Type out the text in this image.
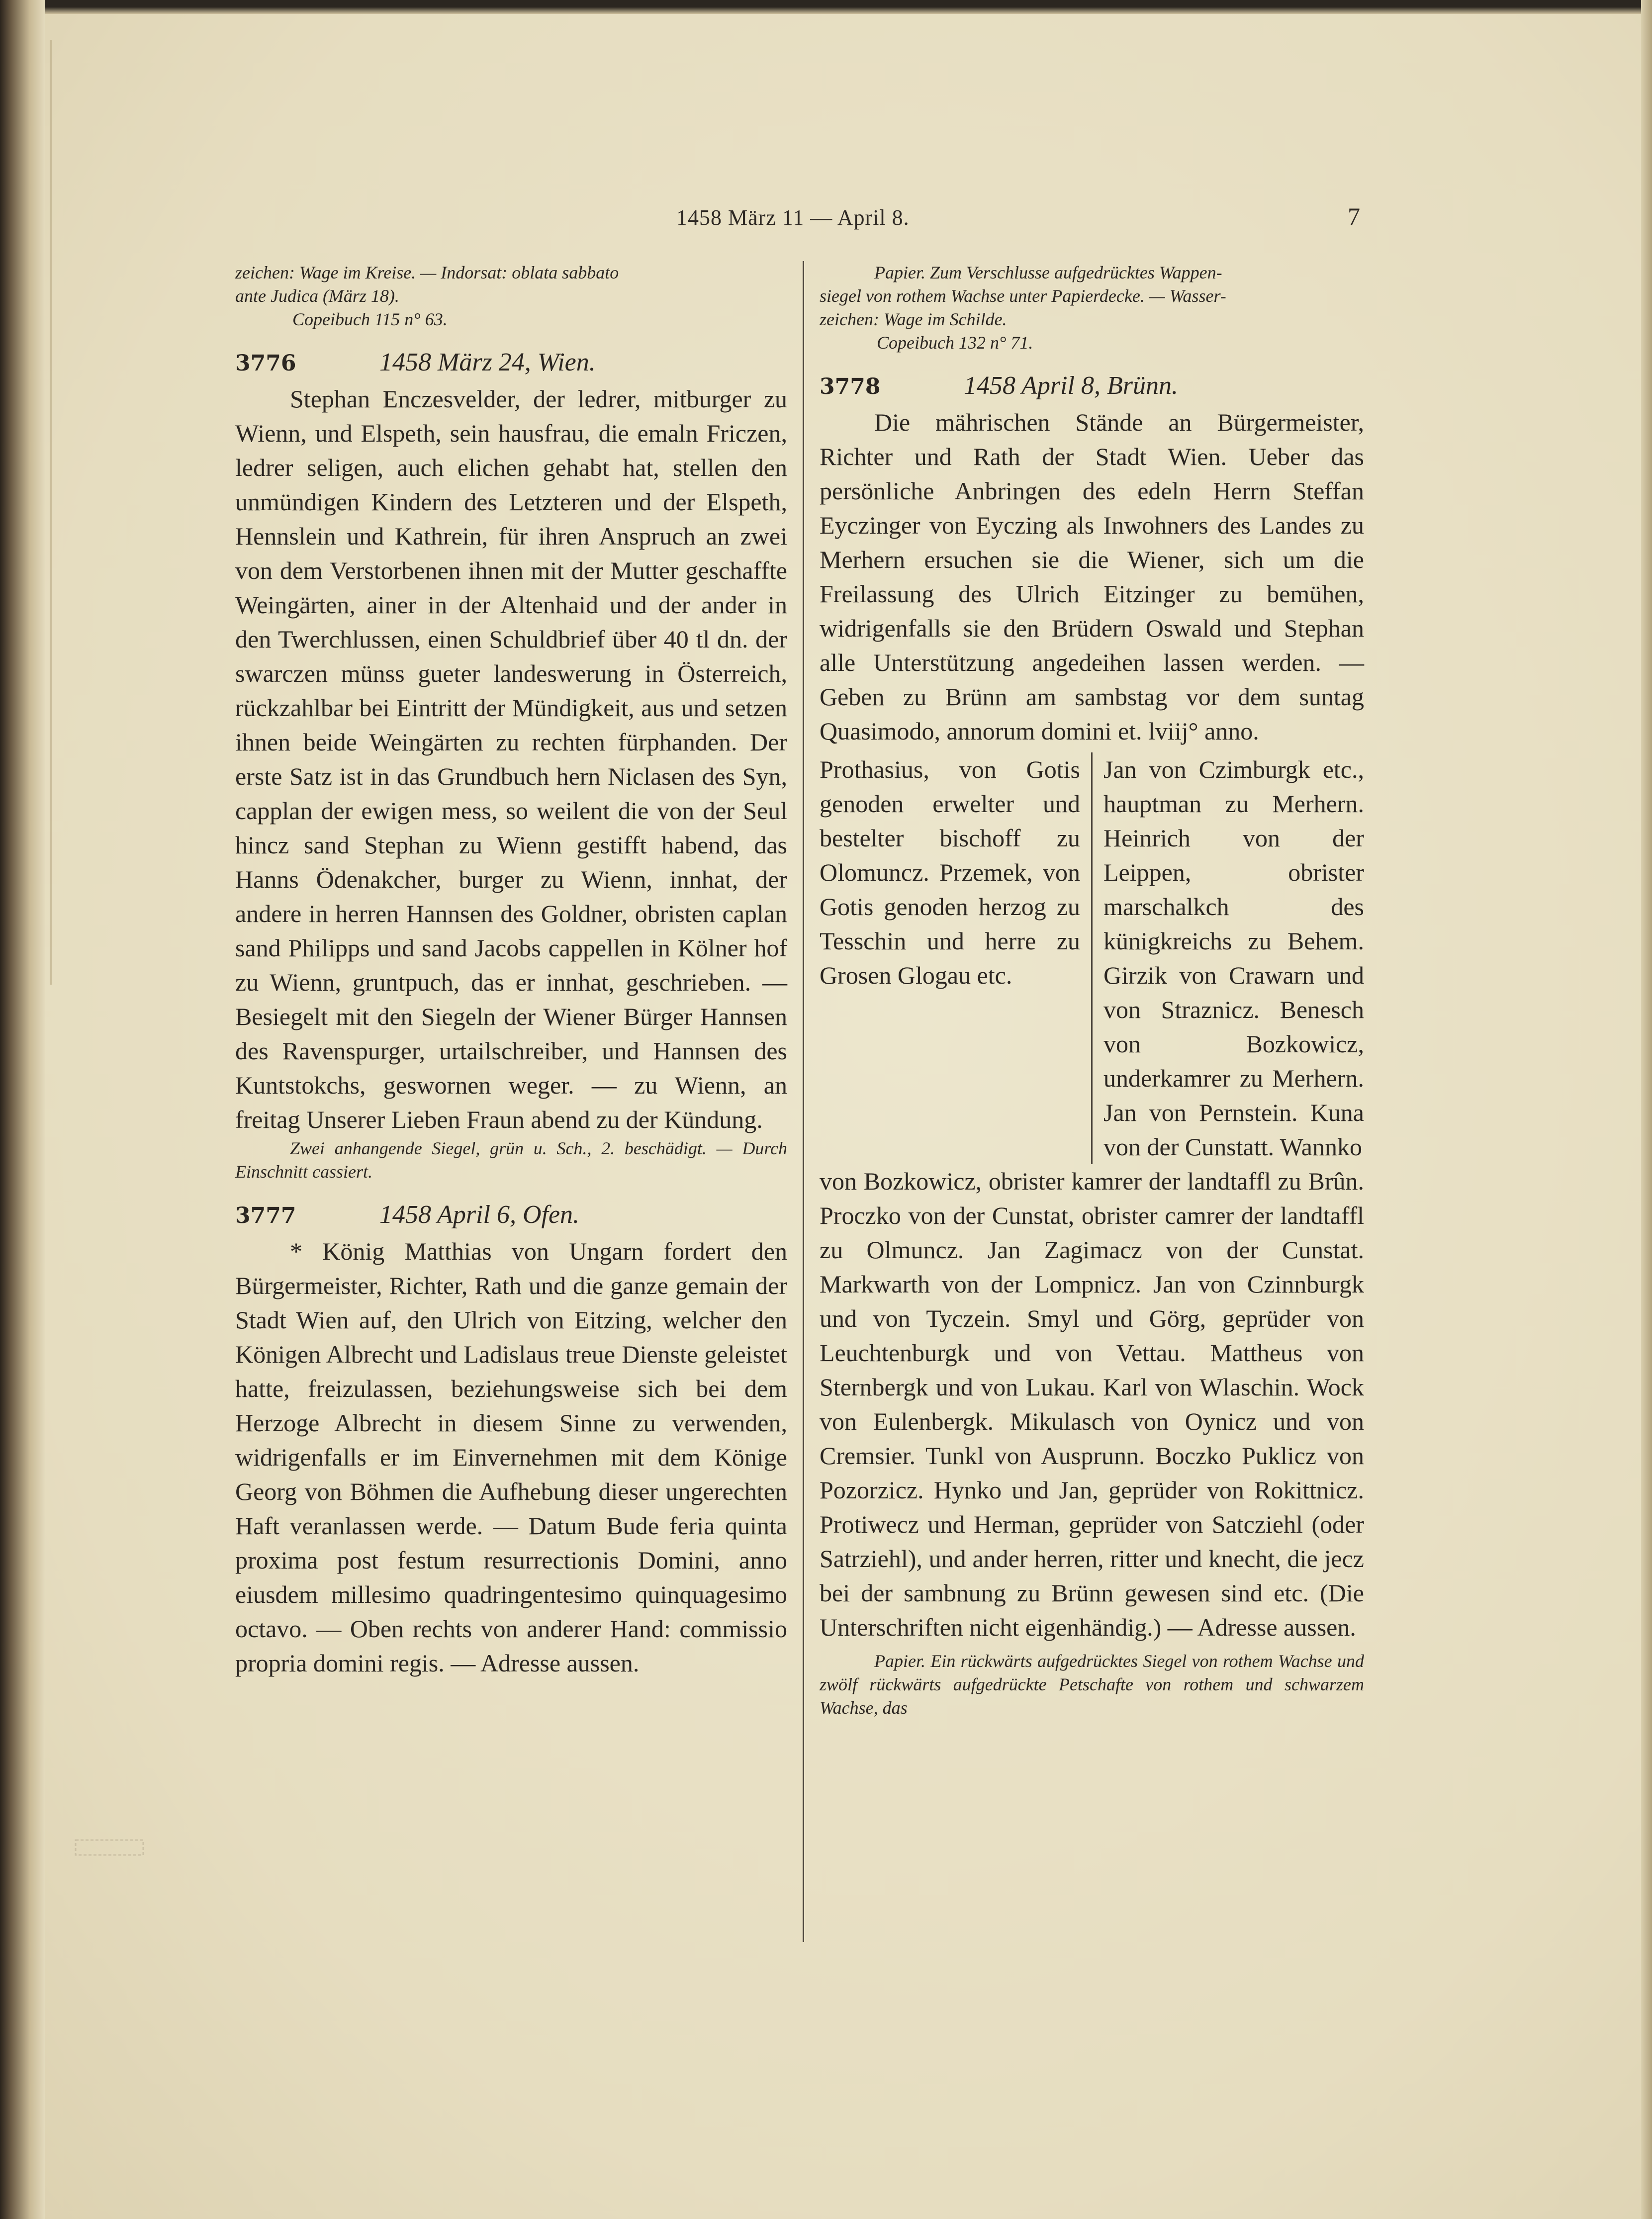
1458 März 11 — April 8.	7

zeichen: Wage im Kreise. — Indorsat: oblata sabbato

ante Judica (März 18).

Copeibuch 115 n° 63.

3776	1458 März 24, Wien.

Stephan Enczesvelder, der ledrer, mitburger zu Wienn, und Elspeth, sein hausfrau, die emaln Friczen, ledrer seligen, auch elichen gehabt hat, stellen den unmündigen Kindern des Letzteren und der Elspeth, Hennslein und Kathrein, für ihren Anspruch an zwei von dem Verstorbenen ihnen mit der Mutter geschaffte Weingärten, ainer in der Altenhaid und der ander in den Twerchlussen, einen Schuldbrief über 40 tl dn. der swarczen münss gueter landeswerung in Österreich, rückzahlbar bei Eintritt der Mündigkeit, aus und setzen ihnen beide Weingärten zu rechten fürphanden. Der erste Satz ist in das Grundbuch hern Niclasen des Syn, capplan der ewigen mess, so weilent die von der Seul hincz sand Stephan zu Wienn gestifft habend, das Hanns Ödenakcher, burger zu Wienn, innhat, der andere in herren Hannsen des Goldner, obristen caplan sand Philipps und sand Jacobs cappellen in Kölner hof zu Wienn, gruntpuch, das er innhat, geschrieben. — Besiegelt mit den Siegeln der Wiener Bürger Hannsen des Ravenspurger, urtailschreiber, und Hannsen des Kuntstokchs, geswornen weger. — zu Wienn, an freitag Unserer Lieben Fraun abend zu der Kündung.

Zwei anhangende Siegel, grün u. Sch., 2. beschädigt. — Durch Einschnitt cassiert.

3777	1458 April 6, Ofen.

* König Matthias von Ungarn fordert den Bürgermeister, Richter, Rath und die ganze gemain der Stadt Wien auf, den Ulrich von Eitzing, welcher den Königen Albrecht und Ladislaus treue Dienste geleistet hatte, freizulassen, beziehungsweise sich bei dem Herzoge Albrecht in diesem Sinne zu verwenden, widrigenfalls er im Einvernehmen mit dem Könige Georg von Böhmen die Aufhebung dieser ungerechten Haft veranlassen werde. — Datum Bude feria quinta proxima post festum resurrectionis Domini, anno eiusdem millesimo quadringentesimo quinquagesimo octavo. — Oben rechts von anderer Hand: commissio propria domini regis. — Adresse aussen.

Papier. Zum Verschlusse aufgedrücktes Wappen-

siegel von rothem Wachse unter Papierdecke. — Wasser-

zeichen: Wage im Schilde.

Copeibuch 132 n° 71.

3778	1458 April 8, Brünn.

Die mährischen Stände an Bürgermeister, Richter und Rath der Stadt Wien. Ueber das persönliche Anbringen des edeln Herrn Steffan Eyczinger von Eyczing als Inwohners des Landes zu Merhern ersuchen sie die Wiener, sich um die Freilassung des Ulrich Eitzinger zu bemühen, widrigenfalls sie den Brüdern Oswald und Stephan alle Unterstützung angedeihen lassen werden. — Geben zu Brünn am sambstag vor dem suntag Quasimodo, annorum domini et. lviij° anno.

Prothasius, von Gotis genoden erwelter und bestelter bischoff zu Olomuncz. Przemek, von Gotis genoden herzog zu Tesschin und herre zu Grosen Glogau etc.

Jan von Czimburgk etc., hauptman zu Merhern. Heinrich von der Leippen, obrister marschalkch des künigkreichs zu Behem. Girzik von Crawarn und von Straznicz. Benesch von Bozkowicz, underkamrer zu Merhern. Jan von Pernstein. Kuna von der Cunstatt. Wannko

von Bozkowicz, obrister kamrer der landtaffl zu Brûn. Proczko von der Cunstat, obrister camrer der landtaffl zu Olmuncz. Jan Zagimacz von der Cunstat. Markwarth von der Lompnicz. Jan von Czinnburgk und von Tyczein. Smyl und Görg, geprüder von Leuchtenburgk und von Vettau. Mattheus von Sternbergk und von Lukau. Karl von Wlaschin. Wock von Eulenbergk. Mikulasch von Oynicz und von Cremsier. Tunkl von Ausprunn. Boczko Puklicz von Pozorzicz. Hynko und Jan, geprüder von Rokittnicz. Protiwecz und Herman, geprüder von Satcziehl (oder Satrziehl), und ander herren, ritter und knecht, die jecz bei der sambnung zu Brünn gewesen sind etc. (Die Unterschriften nicht eigenhändig.) — Adresse aussen.

Papier. Ein rückwärts aufgedrücktes Siegel von rothem Wachse und zwölf rückwärts aufgedrückte Petschafte von rothem und schwarzem Wachse, das
